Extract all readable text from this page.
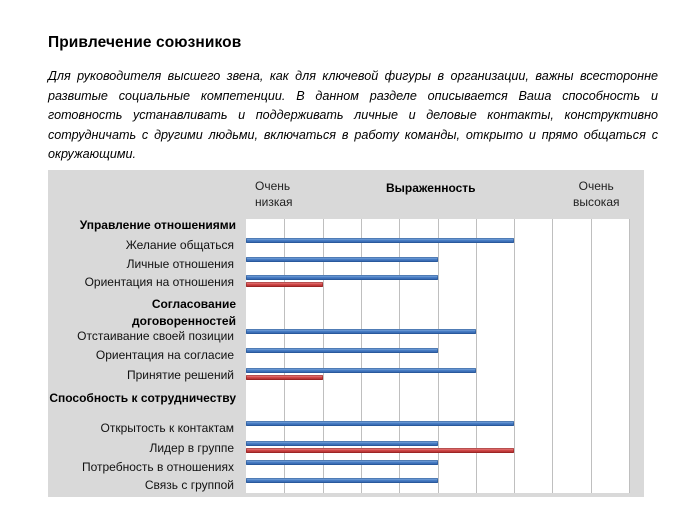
Привлечение союзников
Для руководителя высшего звена, как для ключевой фигуры в организации, важны всесторонне развитые социальные компетенции. В данном разделе описывается Ваша способность и готовность устанавливать и поддерживать личные и деловые контакты, конструктивно сотрудничать с другими людьми, включаться в работу команды, открыто и прямо общаться с окружающими.
Очень
низкая
Выраженность	Очень
высокая
Управление отношениями
Согласование
договоренностей
Способность к сотрудничеству
Желание общаться
Личные отношения
Ориентация на отношения
Отстаивание своей позиции
Ориентация на согласие
Принятие решений
Открытость к контактам
Лидер в группе
Потребность в отношениях
Связь с группой
